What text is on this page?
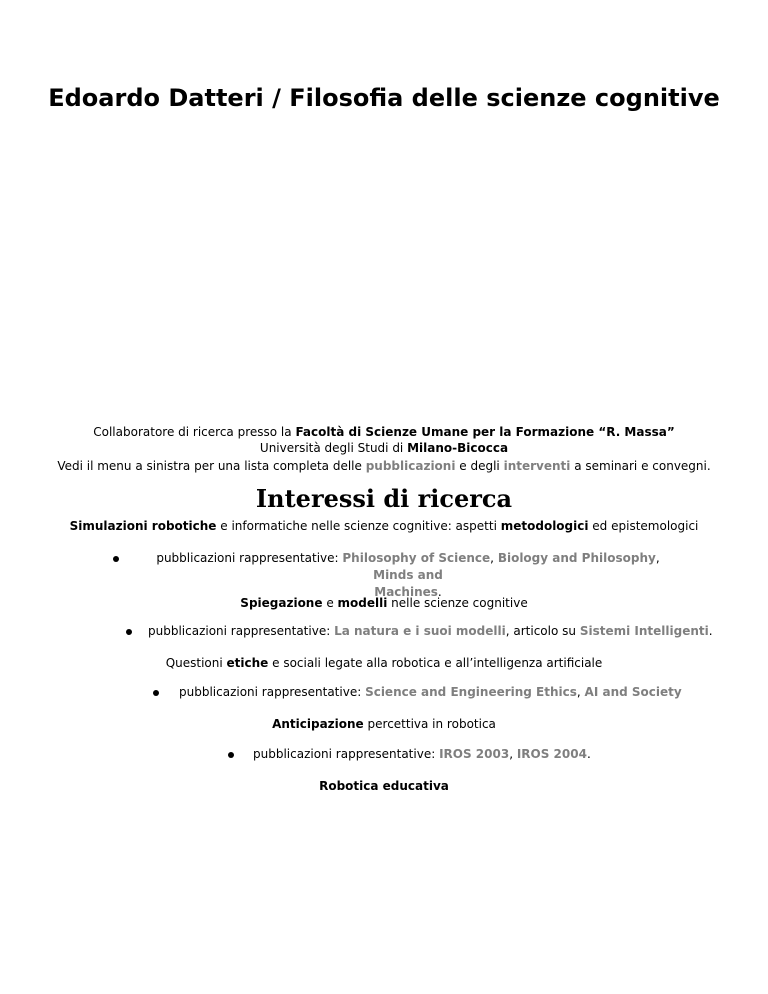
Edoardo Datteri / Filosofia delle scienze cognitive

Collaboratore di ricerca presso la Facoltà di Scienze Umane per la Formazione “R. Massa”

Università degli Studi di Milano-Bicocca

Vedi il menu a sinistra per una lista completa delle pubblicazioni e degli interventi a seminari e convegni.

Interessi di ricerca

Simulazioni robotiche e informatiche nelle scienze cognitive: aspetti metodologici ed epistemologici

pubblicazioni rappresentative: Philosophy of Science, Biology and Philosophy, Minds and
Machines.

Spiegazione e modelli nelle scienze cognitive

pubblicazioni rappresentative: La natura e i suoi modelli, articolo su Sistemi Intelligenti.

Questioni etiche e sociali legate alla robotica e all’intelligenza artificiale

pubblicazioni rappresentative: Science and Engineering Ethics, AI and Society

Anticipazione percettiva in robotica

pubblicazioni rappresentative: IROS 2003, IROS 2004.

Robotica educativa
